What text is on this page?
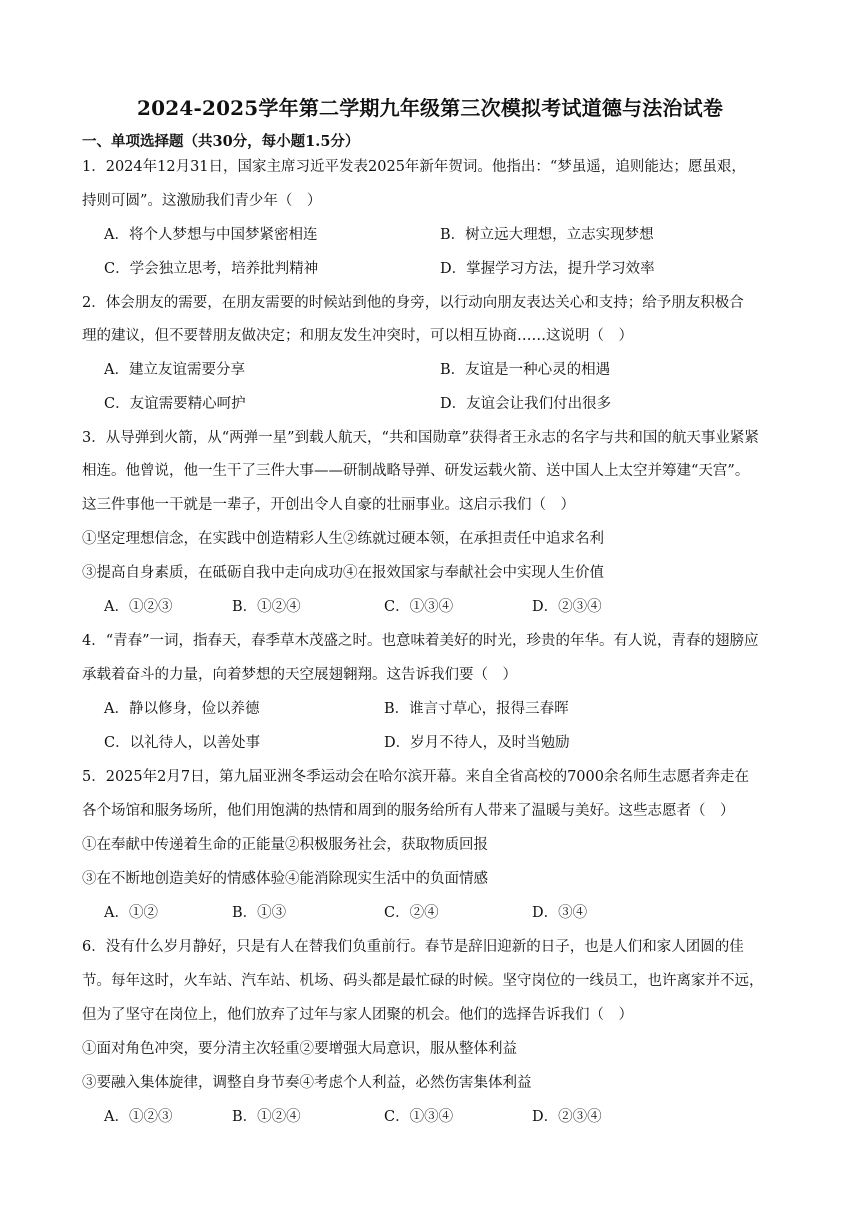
2024-2025学年第二学期九年级第三次模拟考试道德与法治试卷
一、单项选择题（共30分，每小题1.5分）
1．2024年12月31日，国家主席习近平发表2025年新年贺词。他指出：“梦虽遥，追则能达；愿虽艰，
持则可圆”。这激励我们青少年（　）
A．将个人梦想与中国梦紧密相连	B．树立远大理想，立志实现梦想
C．学会独立思考，培养批判精神	D．掌握学习方法，提升学习效率
2．体会朋友的需要，在朋友需要的时候站到他的身旁，以行动向朋友表达关心和支持；给予朋友积极合
理的建议，但不要替朋友做决定；和朋友发生冲突时，可以相互协商……这说明（　）
A．建立友谊需要分享	B．友谊是一种心灵的相遇
C．友谊需要精心呵护	D．友谊会让我们付出很多
3．从导弹到火箭，从“两弹一星”到载人航天，“共和国勋章”获得者王永志的名字与共和国的航天事业紧紧
相连。他曾说，他一生干了三件大事——研制战略导弹、研发运载火箭、送中国人上太空并筹建“天宫”。
这三件事他一干就是一辈子，开创出令人自豪的壮丽事业。这启示我们（　）
①坚定理想信念，在实践中创造精彩人生②练就过硬本领，在承担责任中追求名利
③提高自身素质，在砥砺自我中走向成功④在报效国家与奉献社会中实现人生价值
A．①②③	B．①②④	C．①③④	D．②③④
4．“青春”一词，指春天，春季草木茂盛之时。也意味着美好的时光，珍贵的年华。有人说，青春的翅膀应
承载着奋斗的力量，向着梦想的天空展翅翱翔。这告诉我们要（　）
A．静以修身，俭以养德	B．谁言寸草心，报得三春晖
C．以礼待人，以善处事	D．岁月不待人，及时当勉励
5．2025年2月7日，第九届亚洲冬季运动会在哈尔滨开幕。来自全省高校的7000余名师生志愿者奔走在
各个场馆和服务场所，他们用饱满的热情和周到的服务给所有人带来了温暖与美好。这些志愿者（　）
①在奉献中传递着生命的正能量②积极服务社会，获取物质回报
③在不断地创造美好的情感体验④能消除现实生活中的负面情感
A．①②	B．①③	C．②④	D．③④
6．没有什么岁月静好，只是有人在替我们负重前行。春节是辞旧迎新的日子，也是人们和家人团圆的佳
节。每年这时，火车站、汽车站、机场、码头都是最忙碌的时候。坚守岗位的一线员工，也许离家并不远，
但为了坚守在岗位上，他们放弃了过年与家人团聚的机会。他们的选择告诉我们（　）
①面对角色冲突，要分清主次轻重②要增强大局意识，服从整体利益
③要融入集体旋律，调整自身节奏④考虑个人利益，必然伤害集体利益
A．①②③	B．①②④	C．①③④	D．②③④
